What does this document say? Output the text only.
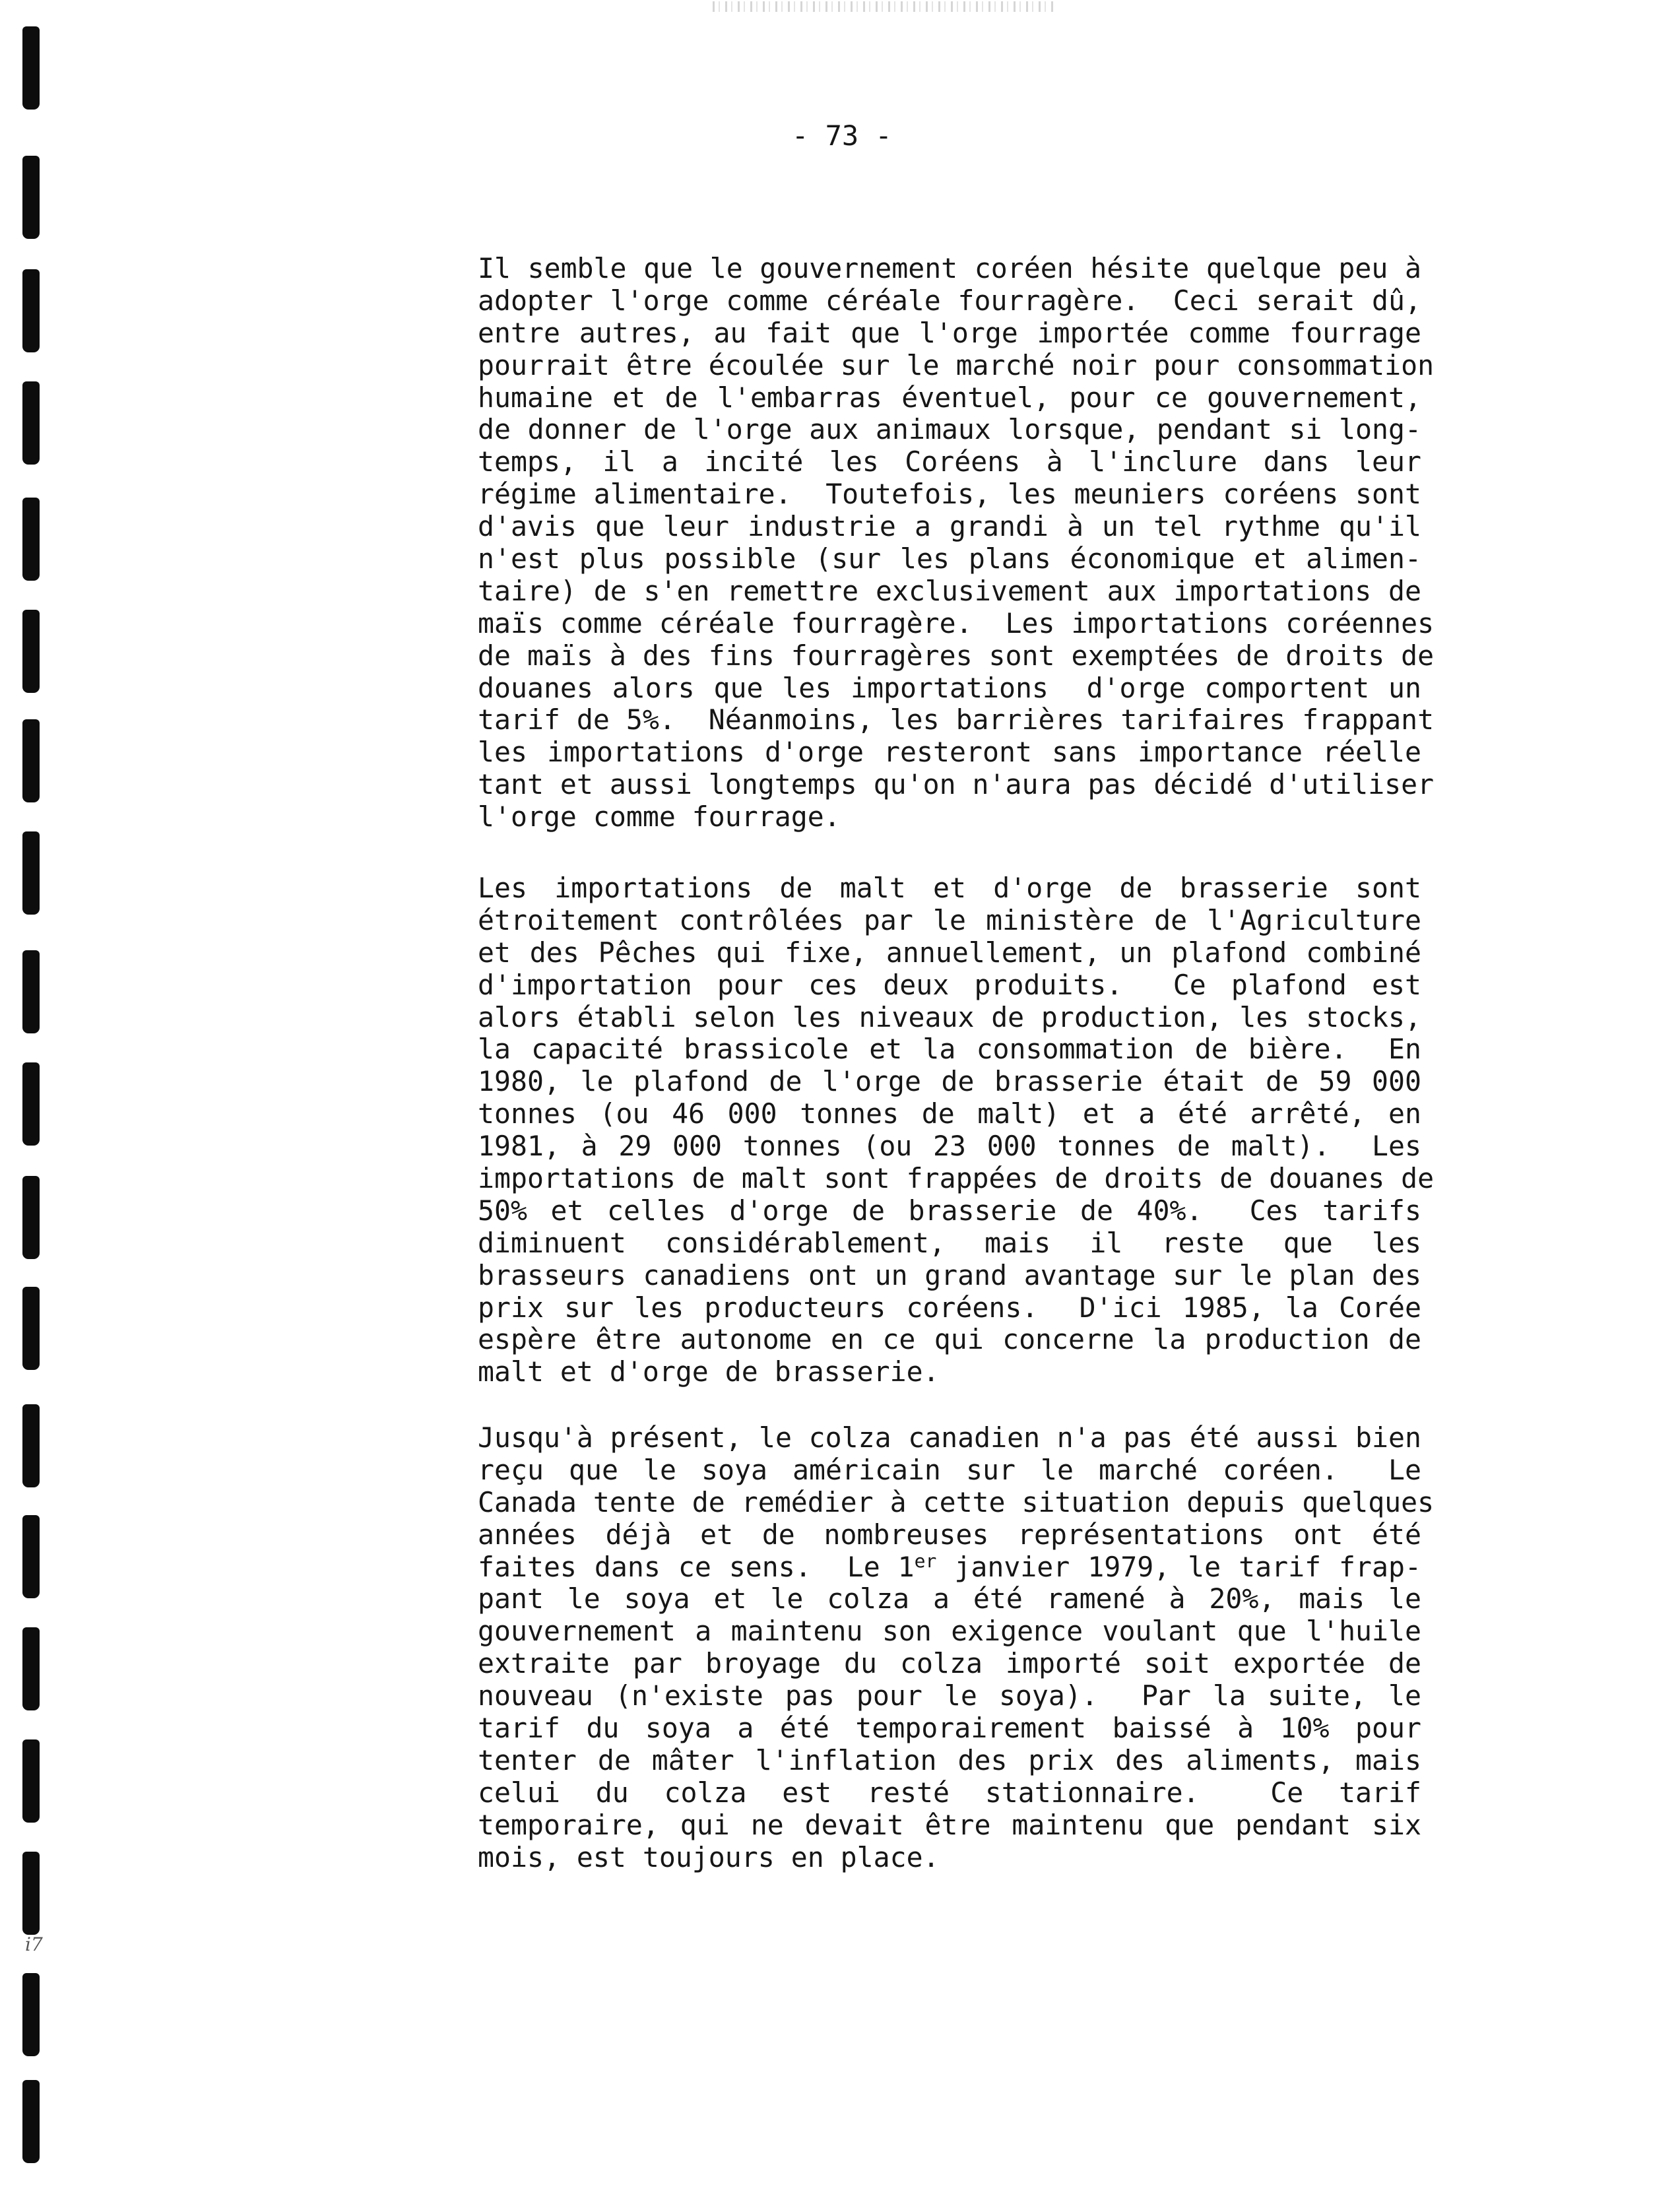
i7
- 73 -
Il semble que le gouvernement coréen hésite quelque peu à
adopter l'orge comme céréale fourragère.  Ceci serait dû,
entre autres, au fait que l'orge importée comme fourrage
pourrait être écoulée sur le marché noir pour consommation
humaine et de l'embarras éventuel, pour ce gouvernement,
de donner de l'orge aux animaux lorsque, pendant si long-
temps, il a incité les Coréens à l'inclure dans leur
régime alimentaire.  Toutefois, les meuniers coréens sont
d'avis que leur industrie a grandi à un tel rythme qu'il
n'est plus possible (sur les plans économique et alimen-
taire) de s'en remettre exclusivement aux importations de
maïs comme céréale fourragère.  Les importations coréennes
de maïs à des fins fourragères sont exemptées de droits de
douanes alors que les importations  d'orge comportent un
tarif de 5%.  Néanmoins, les barrières tarifaires frappant
les importations d'orge resteront sans importance réelle
tant et aussi longtemps qu'on n'aura pas décidé d'utiliser
l'orge comme fourrage.
Les importations de malt et d'orge de brasserie sont
étroitement contrôlées par le ministère de l'Agriculture
et des Pêches qui fixe, annuellement, un plafond combiné
d'importation pour ces deux produits.  Ce plafond est
alors établi selon les niveaux de production, les stocks,
la capacité brassicole et la consommation de bière.  En
1980, le plafond de l'orge de brasserie était de 59 000
tonnes (ou 46 000 tonnes de malt) et a été arrêté, en
1981, à 29 000 tonnes (ou 23 000 tonnes de malt).  Les
importations de malt sont frappées de droits de douanes de
50% et celles d'orge de brasserie de 40%.  Ces tarifs
diminuent considérablement, mais il reste que les
brasseurs canadiens ont un grand avantage sur le plan des
prix sur les producteurs coréens.  D'ici 1985, la Corée
espère être autonome en ce qui concerne la production de
malt et d'orge de brasserie.
Jusqu'à présent, le colza canadien n'a pas été aussi bien
reçu que le soya américain sur le marché coréen.  Le
Canada tente de remédier à cette situation depuis quelques
années déjà et de nombreuses représentations ont été
faites dans ce sens.  Le 1er janvier 1979, le tarif frap-
pant le soya et le colza a été ramené à 20%, mais le
gouvernement a maintenu son exigence voulant que l'huile
extraite par broyage du colza importé soit exportée de
nouveau (n'existe pas pour le soya).  Par la suite, le
tarif du soya a été temporairement baissé à 10% pour
tenter de mâter l'inflation des prix des aliments, mais
celui du colza est resté stationnaire.  Ce tarif
temporaire, qui ne devait être maintenu que pendant six
mois, est toujours en place.
